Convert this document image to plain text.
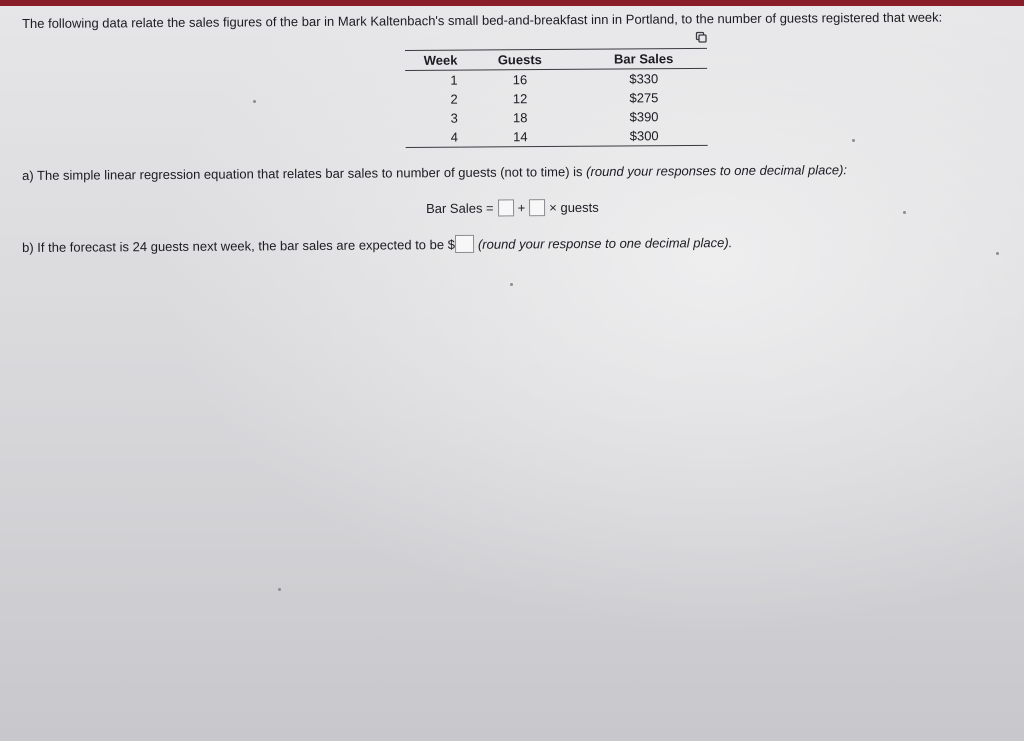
The following data relate the sales figures of the bar in Mark Kaltenbach's small bed-and-breakfast inn in Portland, to the number of guests registered that week:
Week	Guests	Bar Sales
1	16	$330
2	12	$275
3	18	$390
4	14	$300
a) The simple linear regression equation that relates bar sales to number of guests (not to time) is (round your responses to one decimal place):
Bar Sales = + × guests
b) If the forecast is 24 guests next week, the bar sales are expected to be $ (round your response to one decimal place).
